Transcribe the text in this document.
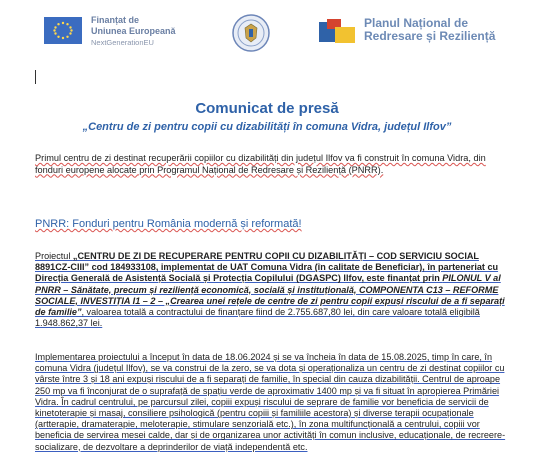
Finanțat de
Uniunea Europeană
NextGenerationEU
Planul Național de
Redresare și Reziliență
Comunicat de presă
„Centru de zi pentru copii cu dizabilități în comuna Vidra, județul Ilfov”
Primul centru de zi destinat recuperării copiilor cu dizabilități din județul Ilfov va fi construit în comuna Vidra, din fonduri europene alocate prin Programul Național de Redresare și Reziliență (PNRR).
PNRR: Fonduri pentru România modernă și reformată!
Proiectul „CENTRU DE ZI DE RECUPERARE PENTRU COPII CU DIZABILITĂȚI – COD SERVICIU SOCIAL 8891CZ-CIII” cod 184933108, implementat de UAT Comuna Vidra (în calitate de Beneficiar), în parteneriat cu Direcția Generală de Asistență Socială și Protecția Copilului (DGASPC) Ilfov, este finanțat prin PILONUL V al PNRR – Sănătate, precum și reziliență economică, socială și instituțională, COMPONENTA C13 – REFORME SOCIALE, INVESTIȚIA I1 – 2 – „Crearea unei rețele de centre de zi pentru copii expuși riscului de a fi separați de familie”, valoarea totală a contractului de finanțare fiind de 2.755.687,80 lei, din care valoare totală eligibilă 1.948.862,37 lei.
Implementarea proiectului a început în data de 18.06.2024 și se va încheia în data de 15.08.2025, timp în care, în comuna Vidra (județul Ilfov), se va construi de la zero, se va dota și operaționaliza un centru de zi destinat copiilor cu vârste între 3 și 18 ani expuși riscului de a fi separați de familie, în special din cauza dizabilității. Centrul de aproape 250 mp va fi înconjurat de o suprafață de spațiu verde de aproximativ 1400 mp și va fi situat în apropierea Primăriei Vidra. În cadrul centrului, pe parcursul zilei, copiii expuși riscului de seprare de familie vor beneficia de servicii de kinetoterapie și masaj, consiliere psihologică (pentru copiii și familiile acestora) și diverse terapii ocupaționale (artterapie, dramaterapie, meloterapie, stimulare senzorială etc.), în zona multifuncțională a centrului, copiii vor beneficia de servirea mesei calde, dar și de organizarea unor activități în comun inclusive, educaționale, de recreere-socializare, de dezvoltare a deprinderilor de viață independentă etc.
